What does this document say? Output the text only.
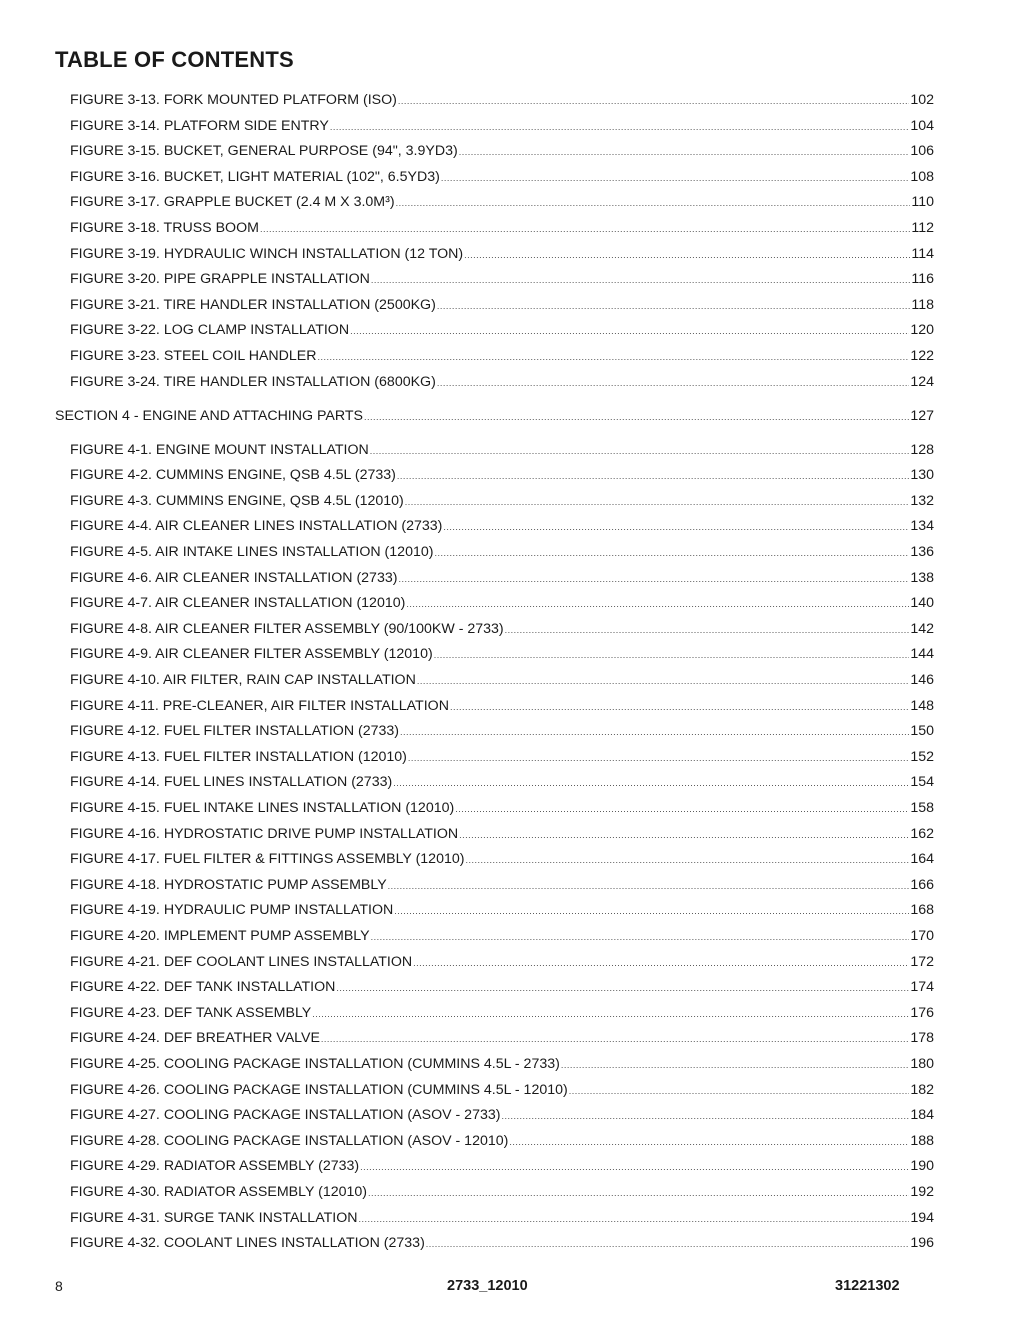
TABLE OF CONTENTS
FIGURE 3-13. FORK MOUNTED PLATFORM (ISO) .....	102
FIGURE 3-14. PLATFORM SIDE ENTRY .....	104
FIGURE 3-15. BUCKET, GENERAL PURPOSE (94", 3.9YD3) .....	106
FIGURE 3-16. BUCKET, LIGHT MATERIAL (102", 6.5YD3) .....	108
FIGURE 3-17. GRAPPLE BUCKET (2.4 M X 3.0M³) .....	110
FIGURE 3-18. TRUSS BOOM .....	112
FIGURE 3-19. HYDRAULIC WINCH INSTALLATION (12 TON) .....	114
FIGURE 3-20. PIPE GRAPPLE INSTALLATION .....	116
FIGURE 3-21. TIRE HANDLER INSTALLATION (2500KG) .....	118
FIGURE 3-22. LOG CLAMP INSTALLATION .....	120
FIGURE 3-23. STEEL COIL HANDLER .....	122
FIGURE 3-24. TIRE HANDLER INSTALLATION (6800KG) .....	124
SECTION 4 - ENGINE AND ATTACHING PARTS .....	127
FIGURE 4-1. ENGINE MOUNT INSTALLATION .....	128
FIGURE 4-2. CUMMINS ENGINE, QSB 4.5L (2733) .....	130
FIGURE 4-3. CUMMINS ENGINE, QSB 4.5L (12010) .....	132
FIGURE 4-4. AIR CLEANER LINES INSTALLATION (2733) .....	134
FIGURE 4-5. AIR INTAKE LINES INSTALLATION (12010) .....	136
FIGURE 4-6. AIR CLEANER INSTALLATION (2733) .....	138
FIGURE 4-7. AIR CLEANER INSTALLATION (12010) .....	140
FIGURE 4-8. AIR CLEANER FILTER ASSEMBLY (90/100KW - 2733) .....	142
FIGURE 4-9. AIR CLEANER FILTER ASSEMBLY (12010) .....	144
FIGURE 4-10. AIR FILTER, RAIN CAP INSTALLATION .....	146
FIGURE 4-11. PRE-CLEANER, AIR FILTER INSTALLATION .....	148
FIGURE 4-12. FUEL FILTER INSTALLATION (2733) .....	150
FIGURE 4-13. FUEL FILTER INSTALLATION (12010) .....	152
FIGURE 4-14. FUEL LINES INSTALLATION (2733) .....	154
FIGURE 4-15. FUEL INTAKE LINES INSTALLATION (12010) .....	158
FIGURE 4-16. HYDROSTATIC DRIVE PUMP INSTALLATION .....	162
FIGURE 4-17. FUEL FILTER & FITTINGS ASSEMBLY (12010) .....	164
FIGURE 4-18. HYDROSTATIC PUMP ASSEMBLY .....	166
FIGURE 4-19. HYDRAULIC PUMP INSTALLATION .....	168
FIGURE 4-20. IMPLEMENT PUMP ASSEMBLY .....	170
FIGURE 4-21. DEF COOLANT LINES INSTALLATION .....	172
FIGURE 4-22. DEF TANK INSTALLATION .....	174
FIGURE 4-23. DEF TANK ASSEMBLY .....	176
FIGURE 4-24. DEF BREATHER VALVE .....	178
FIGURE 4-25. COOLING PACKAGE INSTALLATION (CUMMINS 4.5L - 2733) .....	180
FIGURE 4-26. COOLING PACKAGE INSTALLATION (CUMMINS 4.5L - 12010) .....	182
FIGURE 4-27. COOLING PACKAGE INSTALLATION (ASOV - 2733) .....	184
FIGURE 4-28. COOLING PACKAGE INSTALLATION (ASOV - 12010) .....	188
FIGURE 4-29. RADIATOR ASSEMBLY (2733) .....	190
FIGURE 4-30. RADIATOR ASSEMBLY (12010) .....	192
FIGURE 4-31. SURGE TANK INSTALLATION .....	194
FIGURE 4-32. COOLANT LINES INSTALLATION (2733) .....	196
8	2733_12010	31221302
